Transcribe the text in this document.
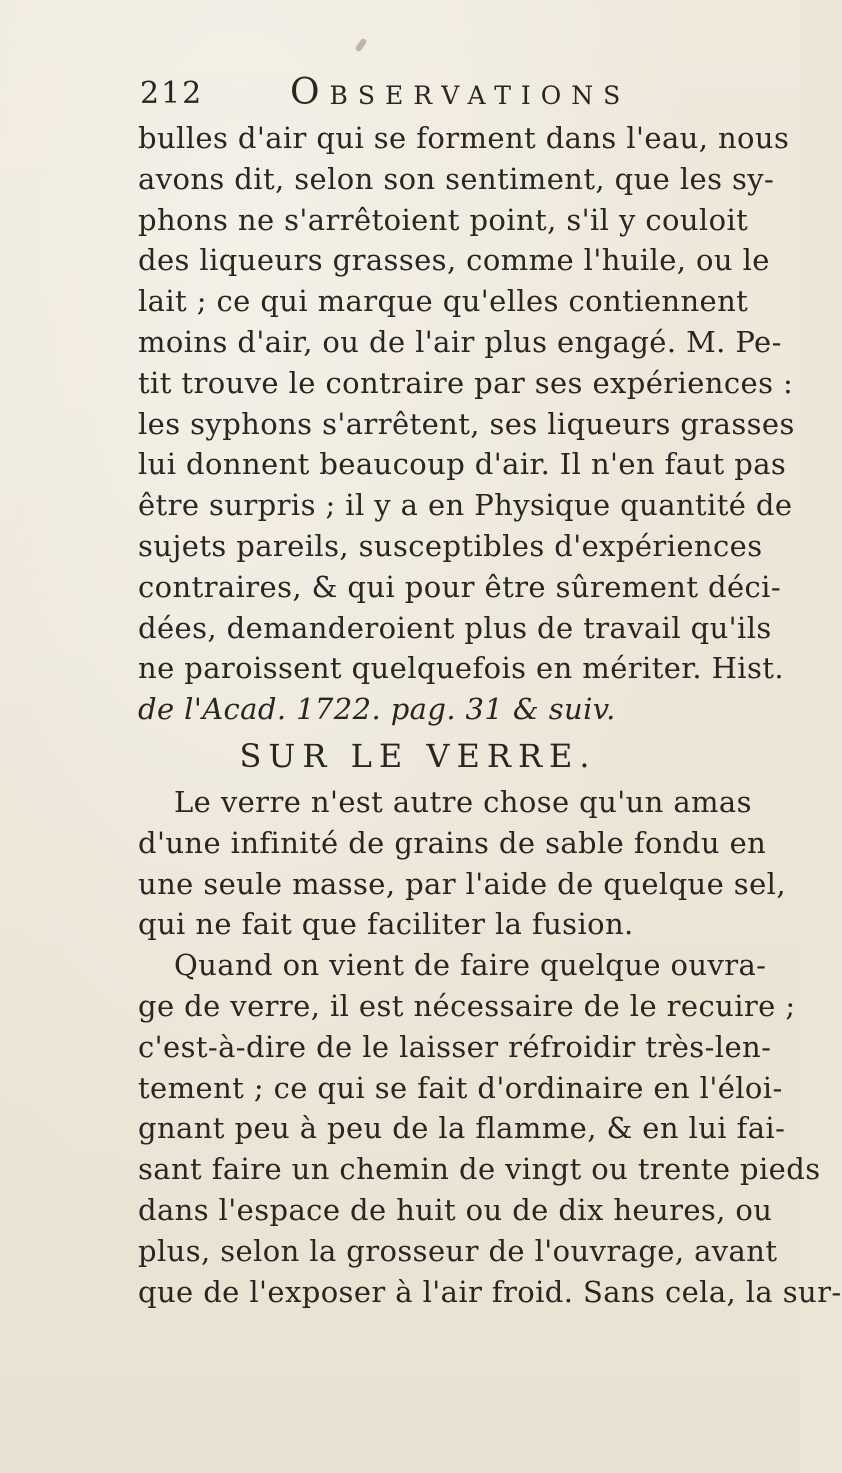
212 Observations
bulles d'air qui se forment dans l'eau, nous
avons dit, selon son sentiment, que les sy-
phons ne s'arrêtoient point, s'il y couloit
des liqueurs grasses, comme l'huile, ou le
lait ; ce qui marque qu'elles contiennent
moins d'air, ou de l'air plus engagé. M. Pe-
tit trouve le contraire par ses expériences :
les syphons s'arrêtent, ses liqueurs grasses
lui donnent beaucoup d'air. Il n'en faut pas
être surpris ; il y a en Physique quantité de
sujets pareils, susceptibles d'expériences
contraires, & qui pour être sûrement déci-
dées, demanderoient plus de travail qu'ils
ne paroissent quelquefois en mériter. Hist.
de l'Acad. 1722. pag. 31 & suiv.
SUR LE VERRE.
Le verre n'est autre chose qu'un amas
d'une infinité de grains de sable fondu en
une seule masse, par l'aide de quelque sel,
qui ne fait que faciliter la fusion.
Quand on vient de faire quelque ouvra-
ge de verre, il est nécessaire de le recuire ;
c'est-à-dire de le laisser réfroidir très-len-
tement ; ce qui se fait d'ordinaire en l'éloi-
gnant peu à peu de la flamme, & en lui fai-
sant faire un chemin de vingt ou trente pieds
dans l'espace de huit ou de dix heures, ou
plus, selon la grosseur de l'ouvrage, avant
que de l'exposer à l'air froid. Sans cela, la sur-
